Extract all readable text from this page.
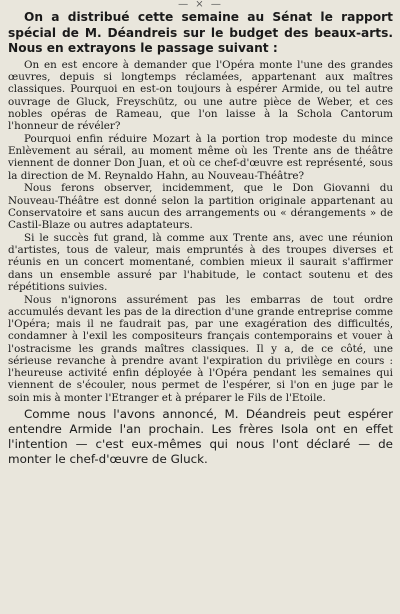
— × —

On a distribué cette semaine au Sénat le rapport spécial de M. Déandreis sur le budget des beaux-arts. Nous en extrayons le passage suivant :

On en est encore à demander que l'Opéra monte l'une des grandes œuvres, depuis si longtemps réclamées, appartenant aux maîtres classiques. Pourquoi en est-on toujours à espérer Armide, ou tel autre ouvrage de Gluck, Freyschütz, ou une autre pièce de Weber, et ces nobles opéras de Rameau, que l'on laisse à la Schola Cantorum l'honneur de révéler?

Pourquoi enfin réduire Mozart à la portion trop modeste du mince Enlèvement au sérail, au moment même où les Trente ans de théâtre viennent de donner Don Juan, et où ce chef-d'œuvre est représenté, sous la direction de M. Reynaldo Hahn, au Nouveau-Théâtre?

Nous ferons observer, incidemment, que le Don Giovanni du Nouveau-Théâtre est donné selon la partition originale appartenant au Conservatoire et sans aucun des arrangements ou « dérangements » de Castil-Blaze ou autres adaptateurs.

Si le succès fut grand, là comme aux Trente ans, avec une réunion d'artistes, tous de valeur, mais empruntés à des troupes diverses et réunis en un concert momentané, combien mieux il saurait s'affirmer dans un ensemble assuré par l'habitude, le contact soutenu et des répétitions suivies.

Nous n'ignorons assurément pas les embarras de tout ordre accumulés devant les pas de la direction d'une grande entreprise comme l'Opéra; mais il ne faudrait pas, par une exagération des difficultés, condamner à l'exil les compositeurs français contemporains et vouer à l'ostracisme les grands maîtres classiques. Il y a, de ce côté, une sérieuse revanche à prendre avant l'expiration du privilège en cours : l'heureuse activité enfin déployée à l'Opéra pendant les semaines qui viennent de s'écouler, nous permet de l'espérer, si l'on en juge par le soin mis à monter l'Etranger et à préparer le Fils de l'Etoile.

Comme nous l'avons annoncé, M. Déandreis peut espérer entendre Armide l'an prochain. Les frères Isola ont en effet l'intention — c'est eux-mêmes qui nous l'ont déclaré — de monter le chef-d'œuvre de Gluck.
